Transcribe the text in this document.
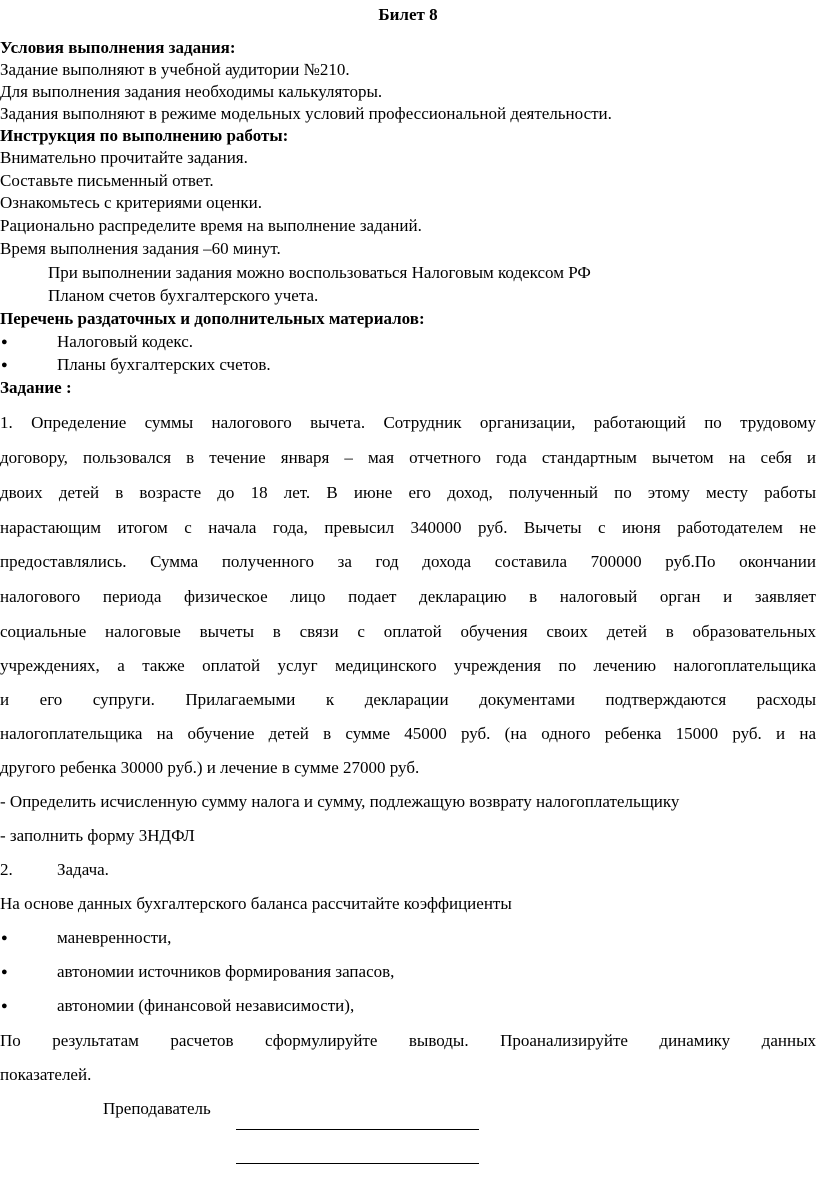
Билет 8
Условия выполнения задания:
Задание выполняют в учебной аудитории №210.
Для выполнения задания необходимы калькуляторы.
Задания выполняют в режиме модельных условий профессиональной деятельности.
Инструкция по выполнению работы:
Внимательно прочитайте задания.
Составьте письменный ответ.
Ознакомьтесь с критериями оценки.
Рационально распределите время на выполнение заданий.
Время выполнения задания –60 минут.
При выполнении задания можно воспользоваться Налоговым кодексом РФ
Планом счетов бухгалтерского учета.
Перечень раздаточных и дополнительных материалов:
●	Налоговый кодекс.
●	Планы бухгалтерских счетов.
Задание :
1. Определение суммы налогового вычета. Сотрудник организации, работающий по трудовому
договору, пользовался в течение января – мая отчетного года стандартным вычетом на себя и
двоих детей в возрасте до 18 лет. В июне его доход, полученный по этому месту работы
нарастающим итогом с начала года, превысил 340000 руб. Вычеты с июня работодателем не
предоставлялись. Сумма полученного за год дохода составила 700000 руб.По окончании
налогового периода физическое лицо подает декларацию в налоговый орган и заявляет
социальные налоговые вычеты в связи с оплатой обучения своих детей в образовательных
учреждениях, а также оплатой услуг медицинского учреждения по лечению налогоплательщика
и его супруги. Прилагаемыми к декларации документами подтверждаются расходы
налогоплательщика на обучение детей в сумме 45000 руб. (на одного ребенка 15000 руб. и на
другого ребенка 30000 руб.) и лечение в сумме 27000 руб.
- Определить исчисленную сумму налога и сумму, подлежащую возврату налогоплательщику
- заполнить форму 3НДФЛ
2.	Задача.
На основе данных бухгалтерского баланса рассчитайте коэффициенты
●	маневренности,
●	автономии источников формирования запасов,
●	автономии (финансовой независимости),
По результатам расчетов сформулируйте выводы. Проанализируйте динамику данных
показателей.
Преподаватель
